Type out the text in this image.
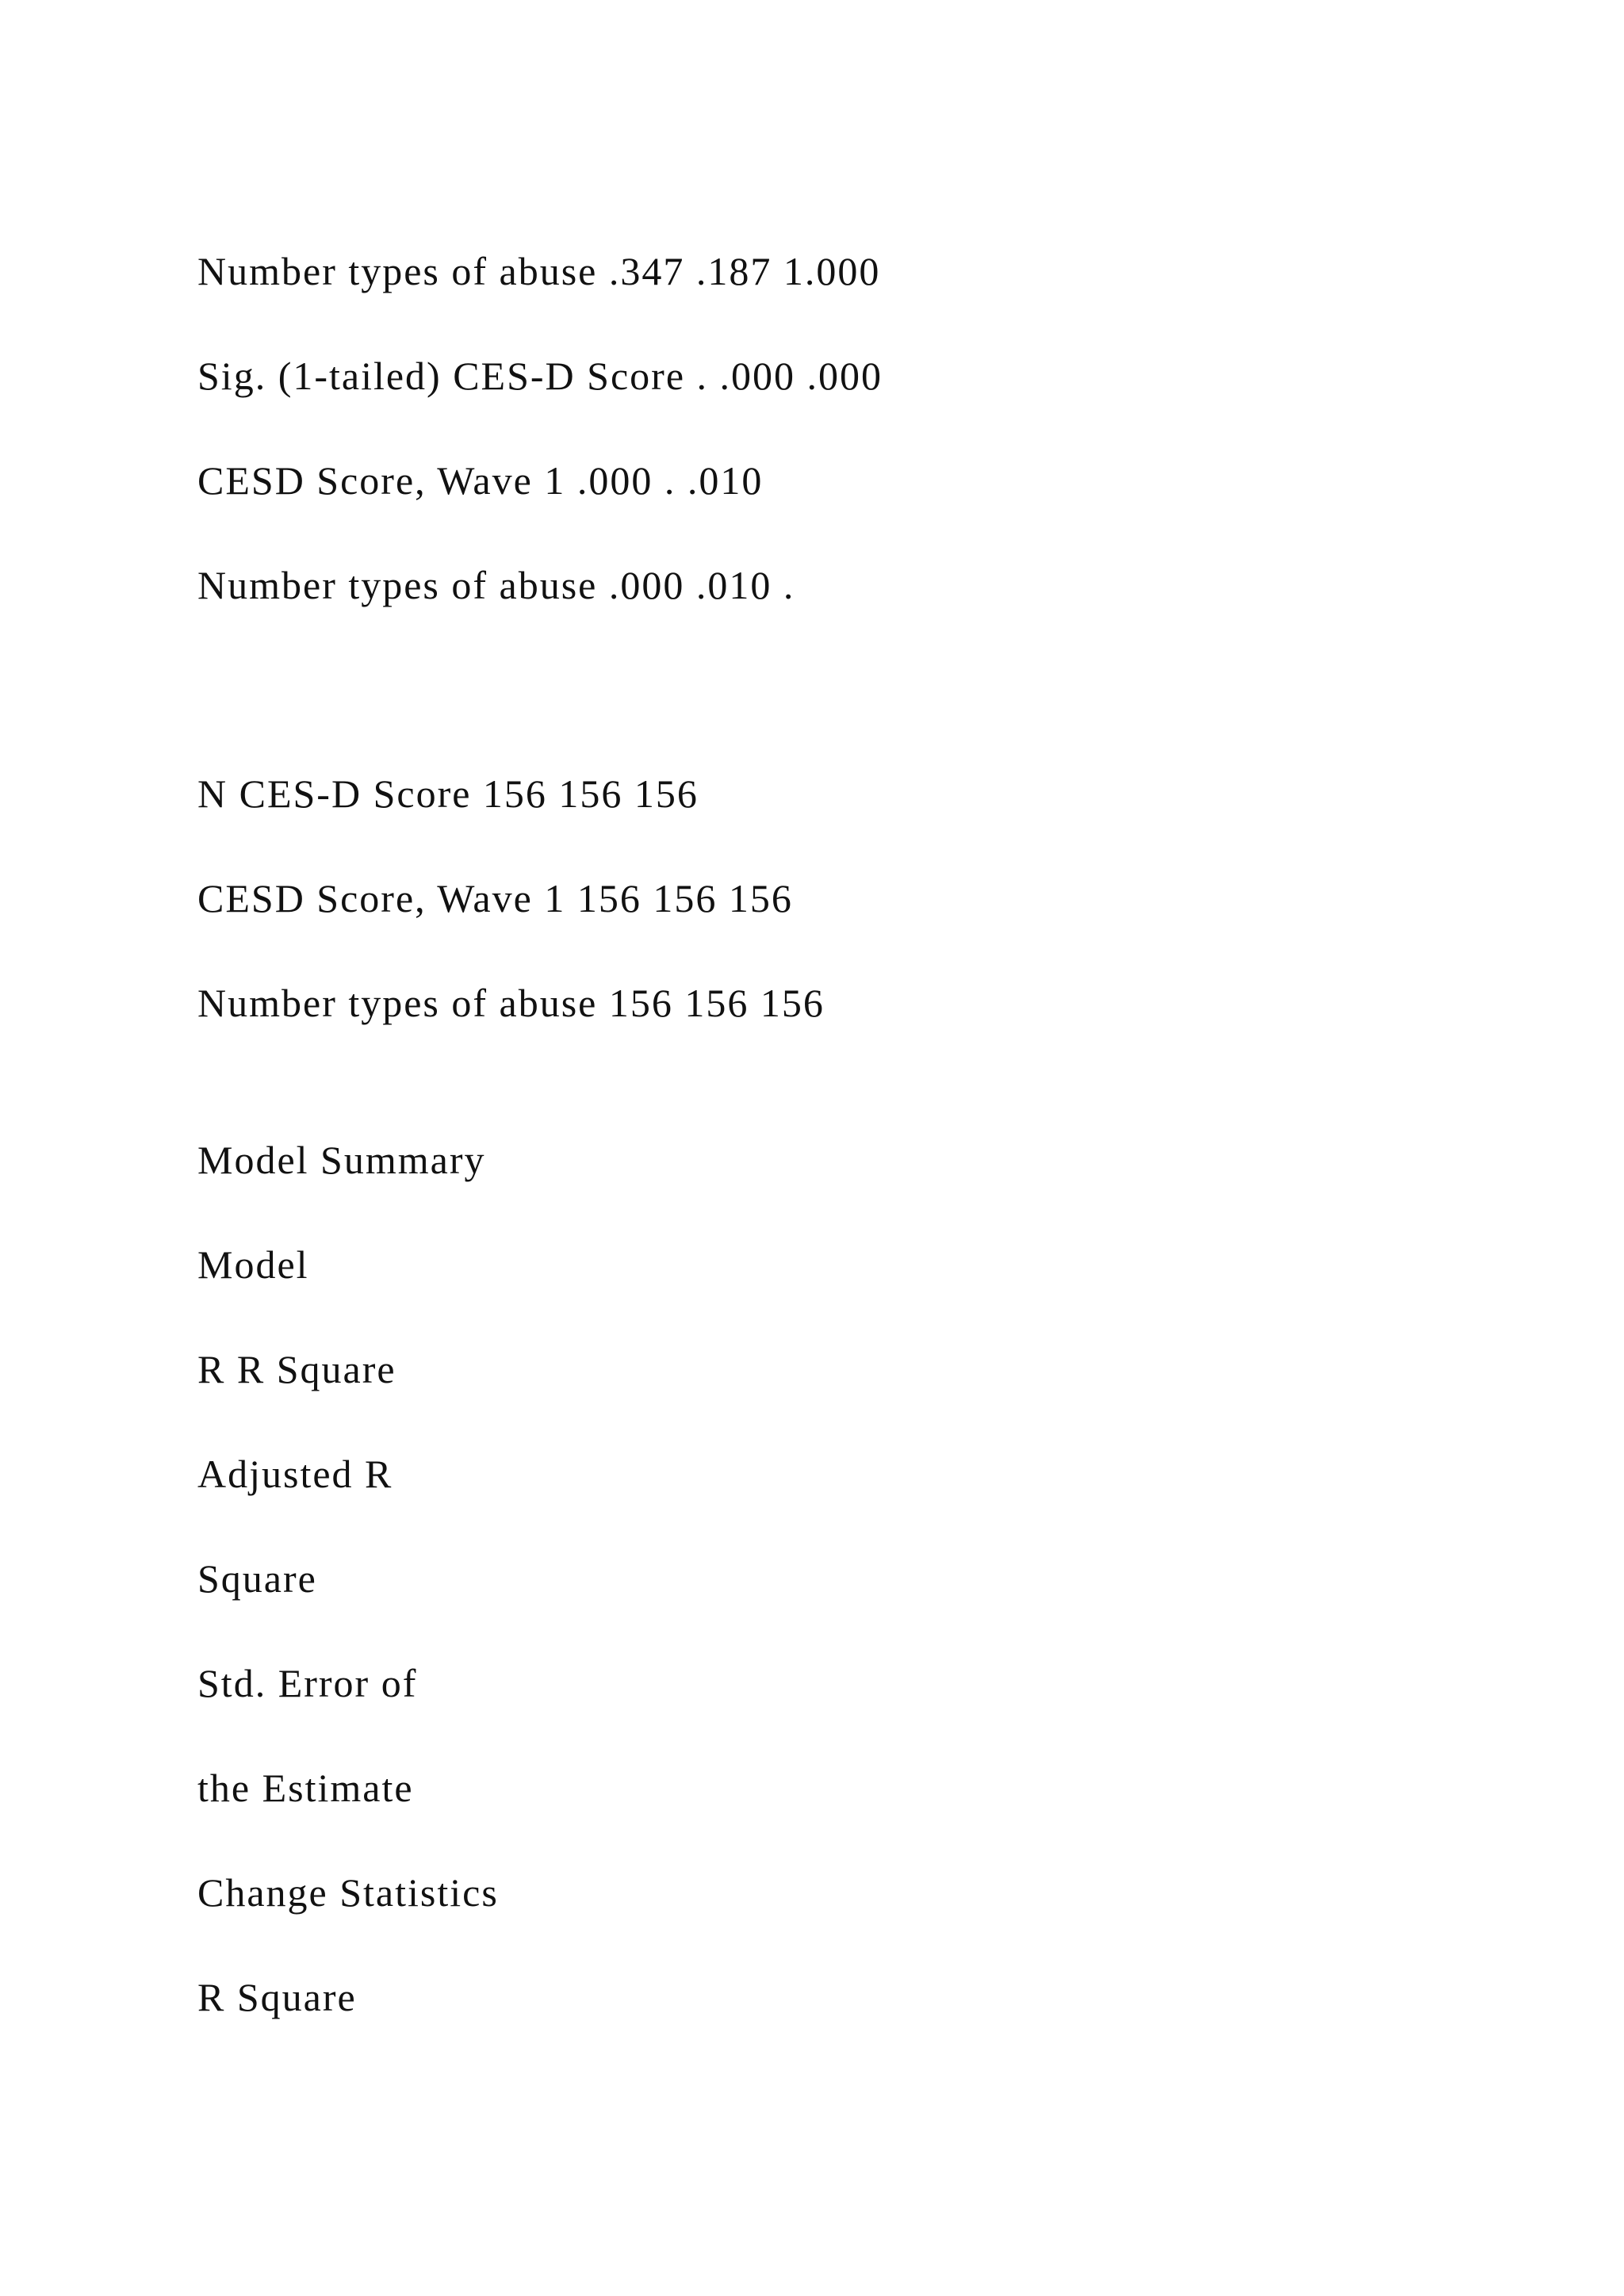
Number types of abuse .347 .187 1.000
Sig. (1-tailed) CES-D Score . .000 .000
CESD Score, Wave 1 .000 . .010
Number types of abuse .000 .010 .
N CES-D Score 156 156 156
CESD Score, Wave 1 156 156 156
Number types of abuse 156 156 156
Model Summary
Model
R R Square
Adjusted R
Square
Std. Error of
the Estimate
Change Statistics
R Square
